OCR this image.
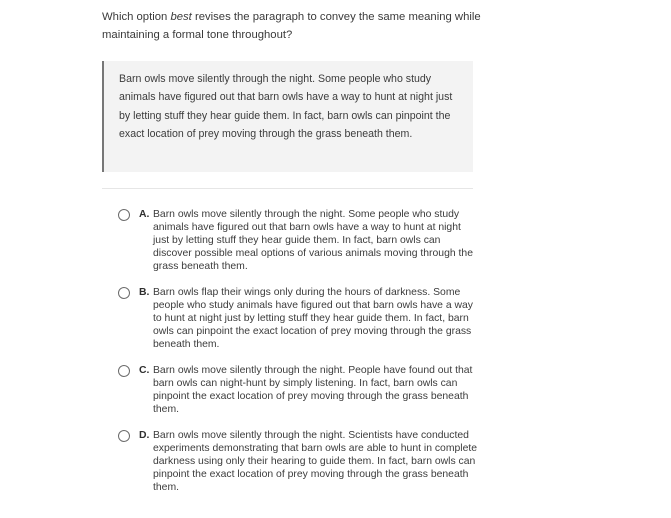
Which option best revises the paragraph to convey the same meaning while maintaining a formal tone throughout?
Barn owls move silently through the night. Some people who study animals have figured out that barn owls have a way to hunt at night just by letting stuff they hear guide them. In fact, barn owls can pinpoint the exact location of prey moving through the grass beneath them.
A. Barn owls move silently through the night. Some people who study animals have figured out that barn owls have a way to hunt at night just by letting stuff they hear guide them. In fact, barn owls can discover possible meal options of various animals moving through the grass beneath them.
B. Barn owls flap their wings only during the hours of darkness. Some people who study animals have figured out that barn owls have a way to hunt at night just by letting stuff they hear guide them. In fact, barn owls can pinpoint the exact location of prey moving through the grass beneath them.
C. Barn owls move silently through the night. People have found out that barn owls can night-hunt by simply listening. In fact, barn owls can pinpoint the exact location of prey moving through the grass beneath them.
D. Barn owls move silently through the night. Scientists have conducted experiments demonstrating that barn owls are able to hunt in complete darkness using only their hearing to guide them. In fact, barn owls can pinpoint the exact location of prey moving through the grass beneath them.
